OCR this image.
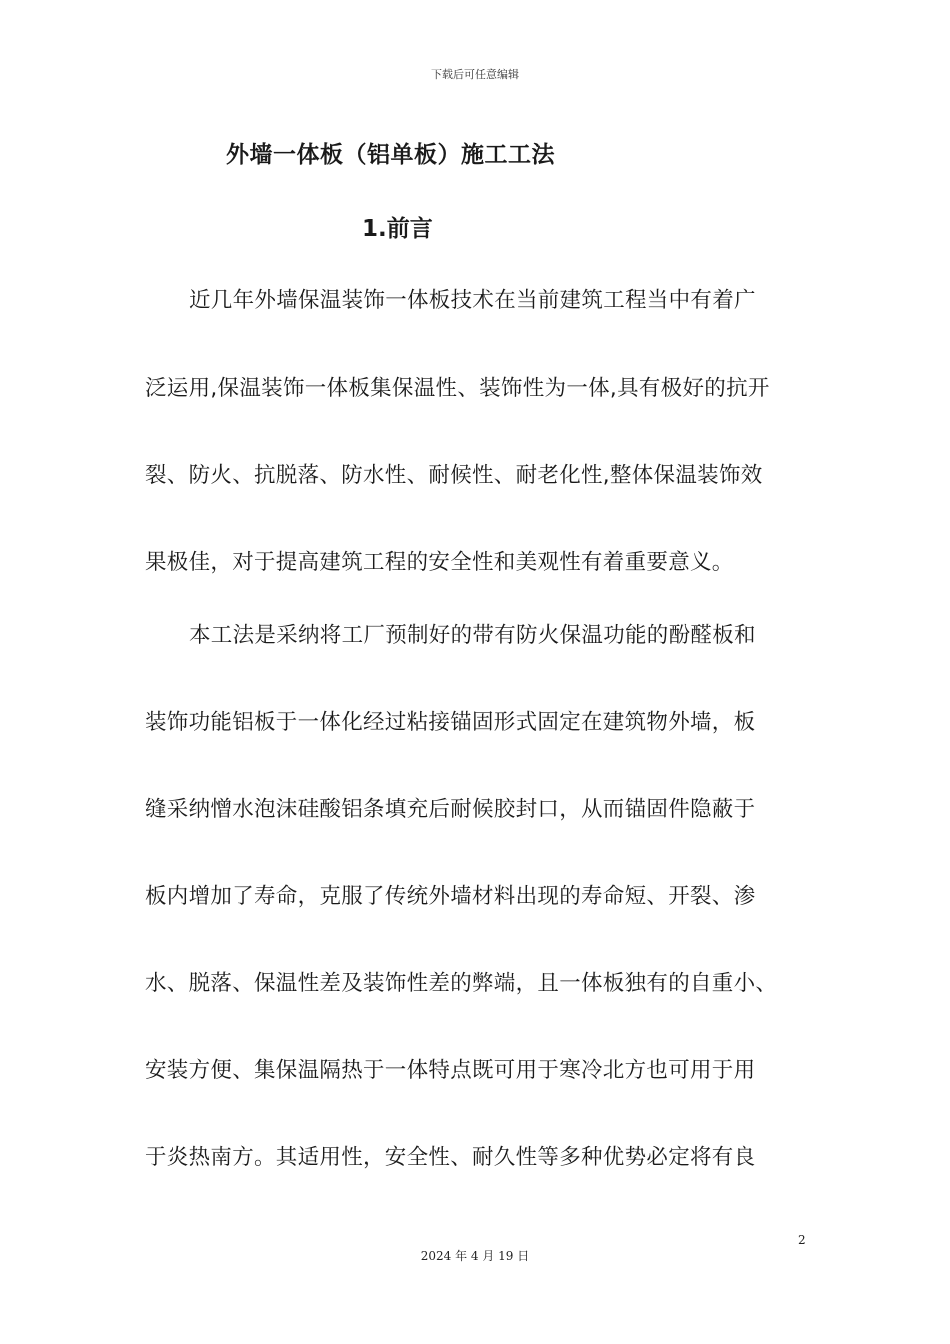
下载后可任意编辑
外墙一体板（铝单板）施工工法
1.前言
近几年外墙保温装饰一体板技术在当前建筑工程当中有着广
泛运用,保温装饰一体板集保温性、装饰性为一体,具有极好的抗开
裂、防火、抗脱落、防水性、耐候性、耐老化性,整体保温装饰效
果极佳，对于提高建筑工程的安全性和美观性有着重要意义。
本工法是采纳将工厂预制好的带有防火保温功能的酚醛板和
装饰功能铝板于一体化经过粘接锚固形式固定在建筑物外墙，板
缝采纳憎水泡沫硅酸铝条填充后耐候胶封口，从而锚固件隐蔽于
板内增加了寿命，克服了传统外墙材料出现的寿命短、开裂、渗
水、脱落、保温性差及装饰性差的弊端，且一体板独有的自重小、
安装方便、集保温隔热于一体特点既可用于寒冷北方也可用于用
于炎热南方。其适用性，安全性、耐久性等多种优势必定将有良
2
2024 年 4 月 19 日
